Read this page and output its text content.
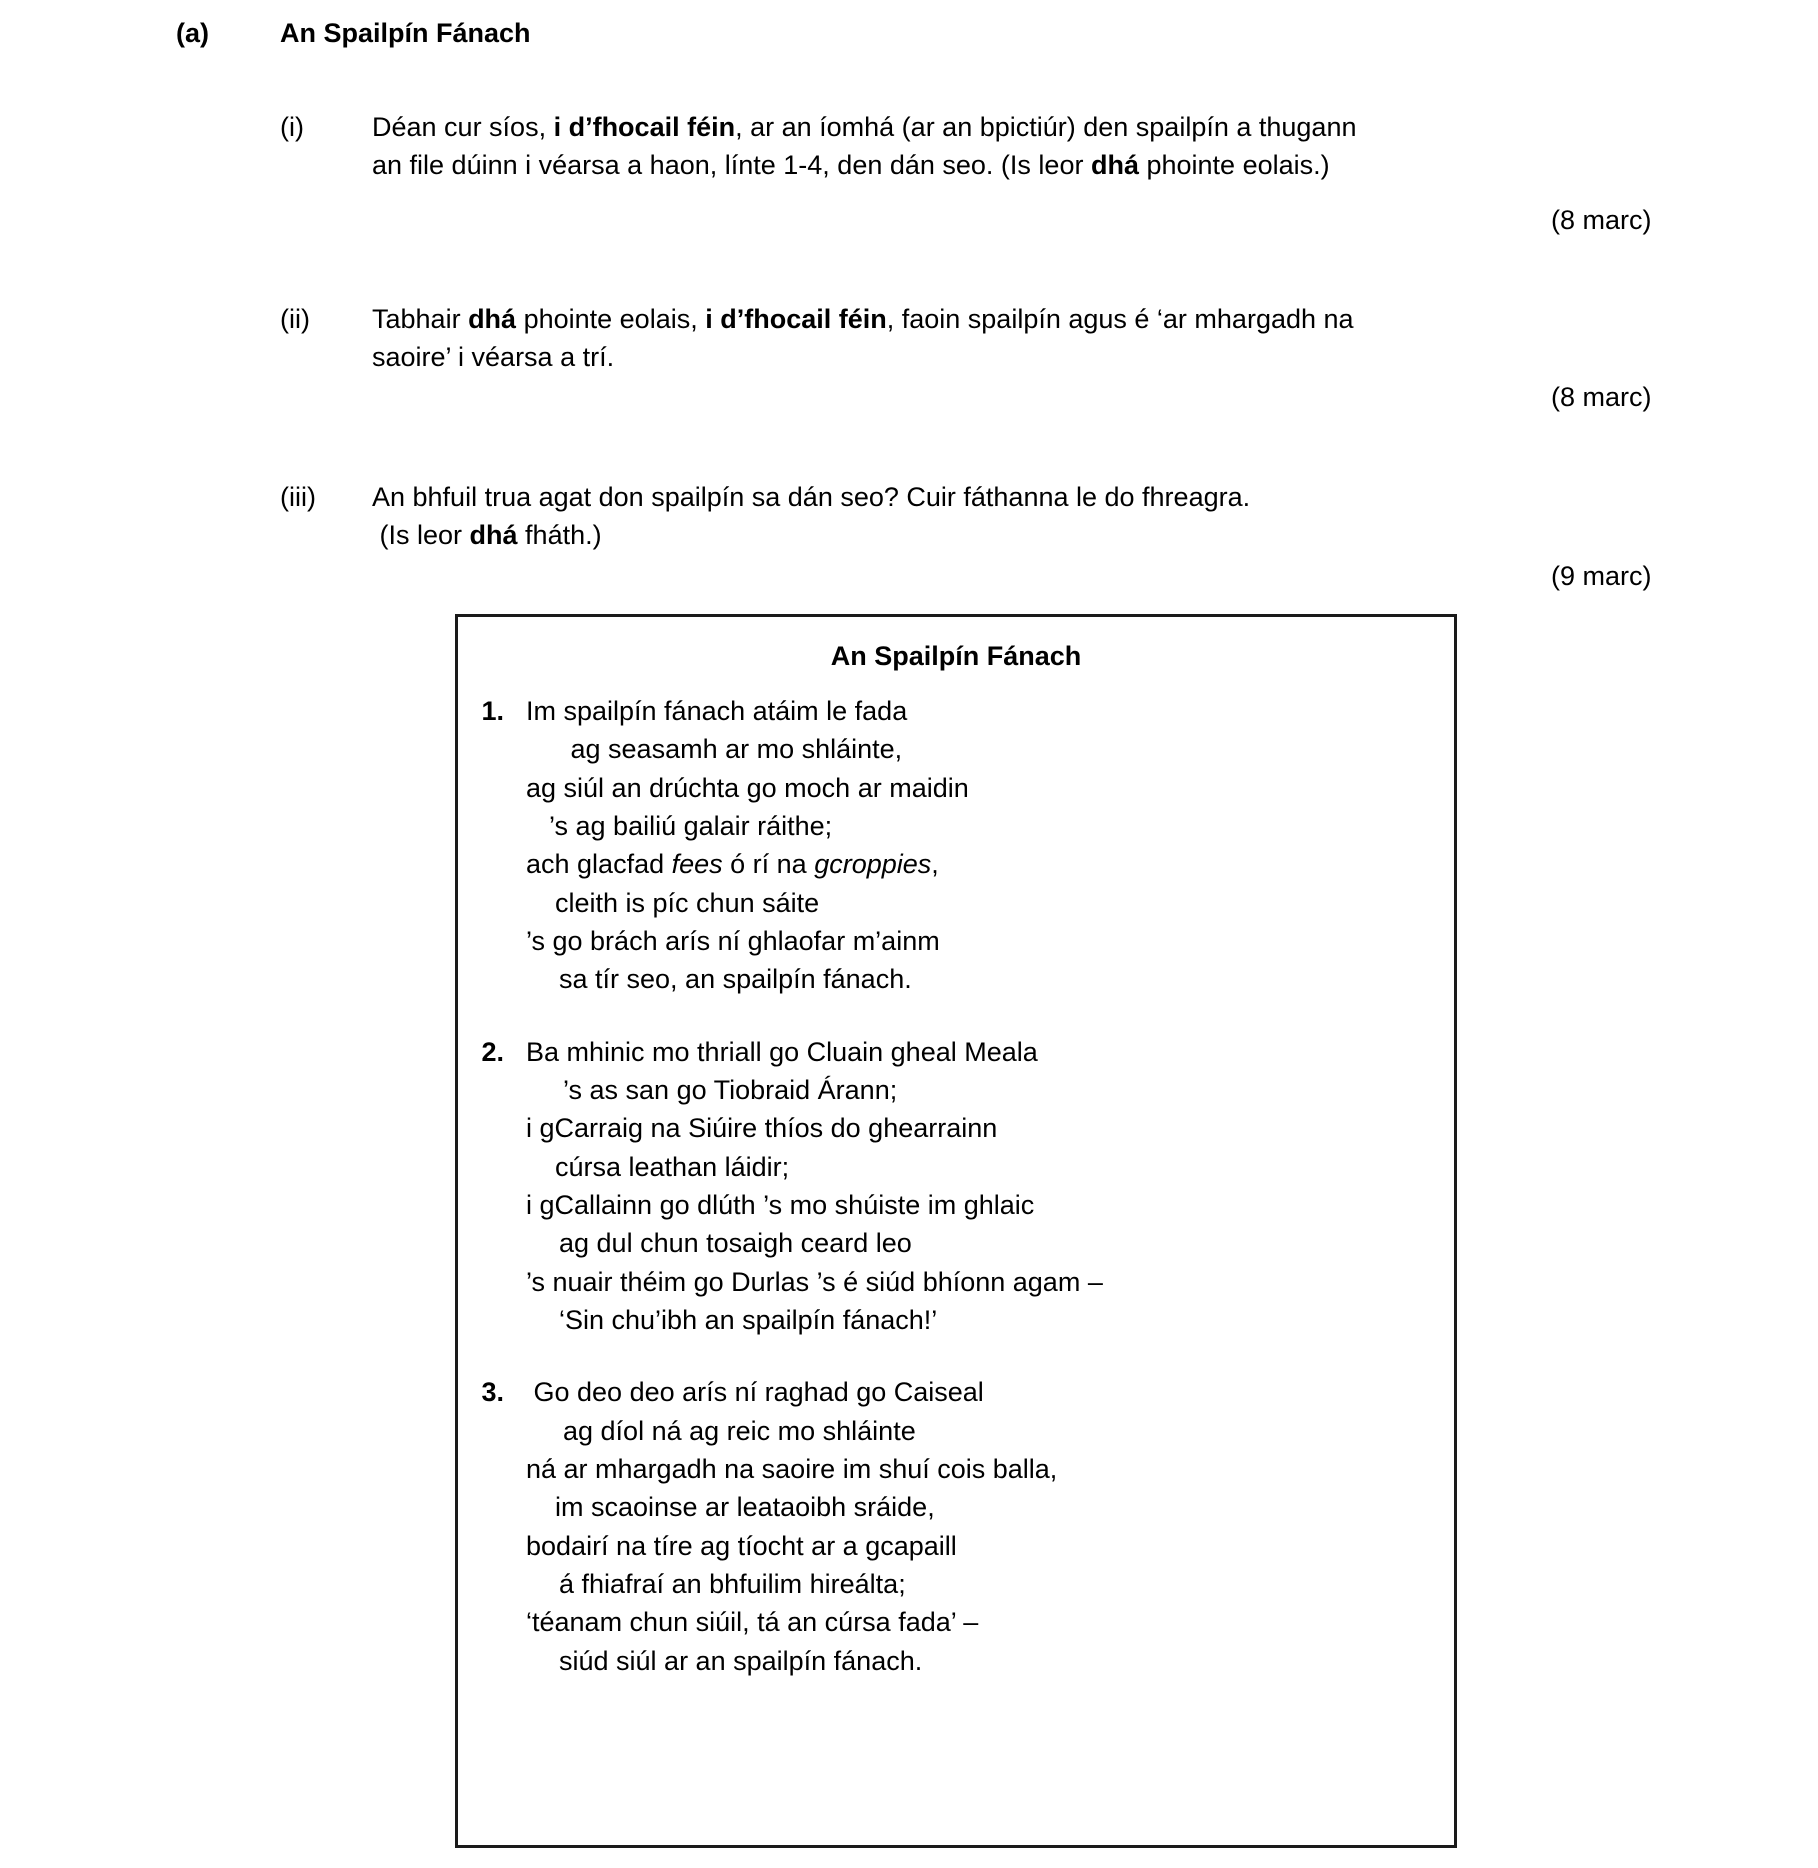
(a)	An Spailpín Fánach
(i)	Déan cur síos, i d’fhocail féin, ar an íomhá (ar an bpictiúr) den spailpín a thugann
an file dúinn i véarsa a haon, línte 1-4, den dán seo. (Is leor dhá phointe eolais.)
(8 marc)
(ii)	Tabhair dhá phointe eolais, i d’fhocail féin, faoin spailpín agus é ‘ar mhargadh na
saoire’ i véarsa a trí.
(8 marc)
(iii)	An bhfuil trua agat don spailpín sa dán seo? Cuir fáthanna le do fhreagra.
(Is leor dhá fháth.)
(9 marc)
An Spailpín Fánach
1. Im spailpín fánach atáim le fada
ag seasamh ar mo shláinte,
ag siúl an drúchta go moch ar maidin
’s ag bailiú galair ráithe;
ach glacfad fees ó rí na gcroppies,
cleith is píc chun sáite
’s go brách arís ní ghlaofar m’ainm
sa tír seo, an spailpín fánach.
2. Ba mhinic mo thriall go Cluain gheal Meala
’s as san go Tiobraid Árann;
i gCarraig na Siúire thíos do ghearrainn
cúrsa leathan láidir;
i gCallainn go dlúth ’s mo shúiste im ghlaic
ag dul chun tosaigh ceard leo
’s nuair théim go Durlas ’s é siúd bhíonn agam –
‘Sin chu’ibh an spailpín fánach!’
3. Go deo deo arís ní raghad go Caiseal
ag díol ná ag reic mo shláinte
ná ar mhargadh na saoire im shuí cois balla,
im scaoinse ar leataoibh sráide,
bodairí na tíre ag tíocht ar a gcapaill
á fhiafraí an bhfuilim hireálta;
‘téanam chun siúil, tá an cúrsa fada’ –
siúd siúl ar an spailpín fánach.
